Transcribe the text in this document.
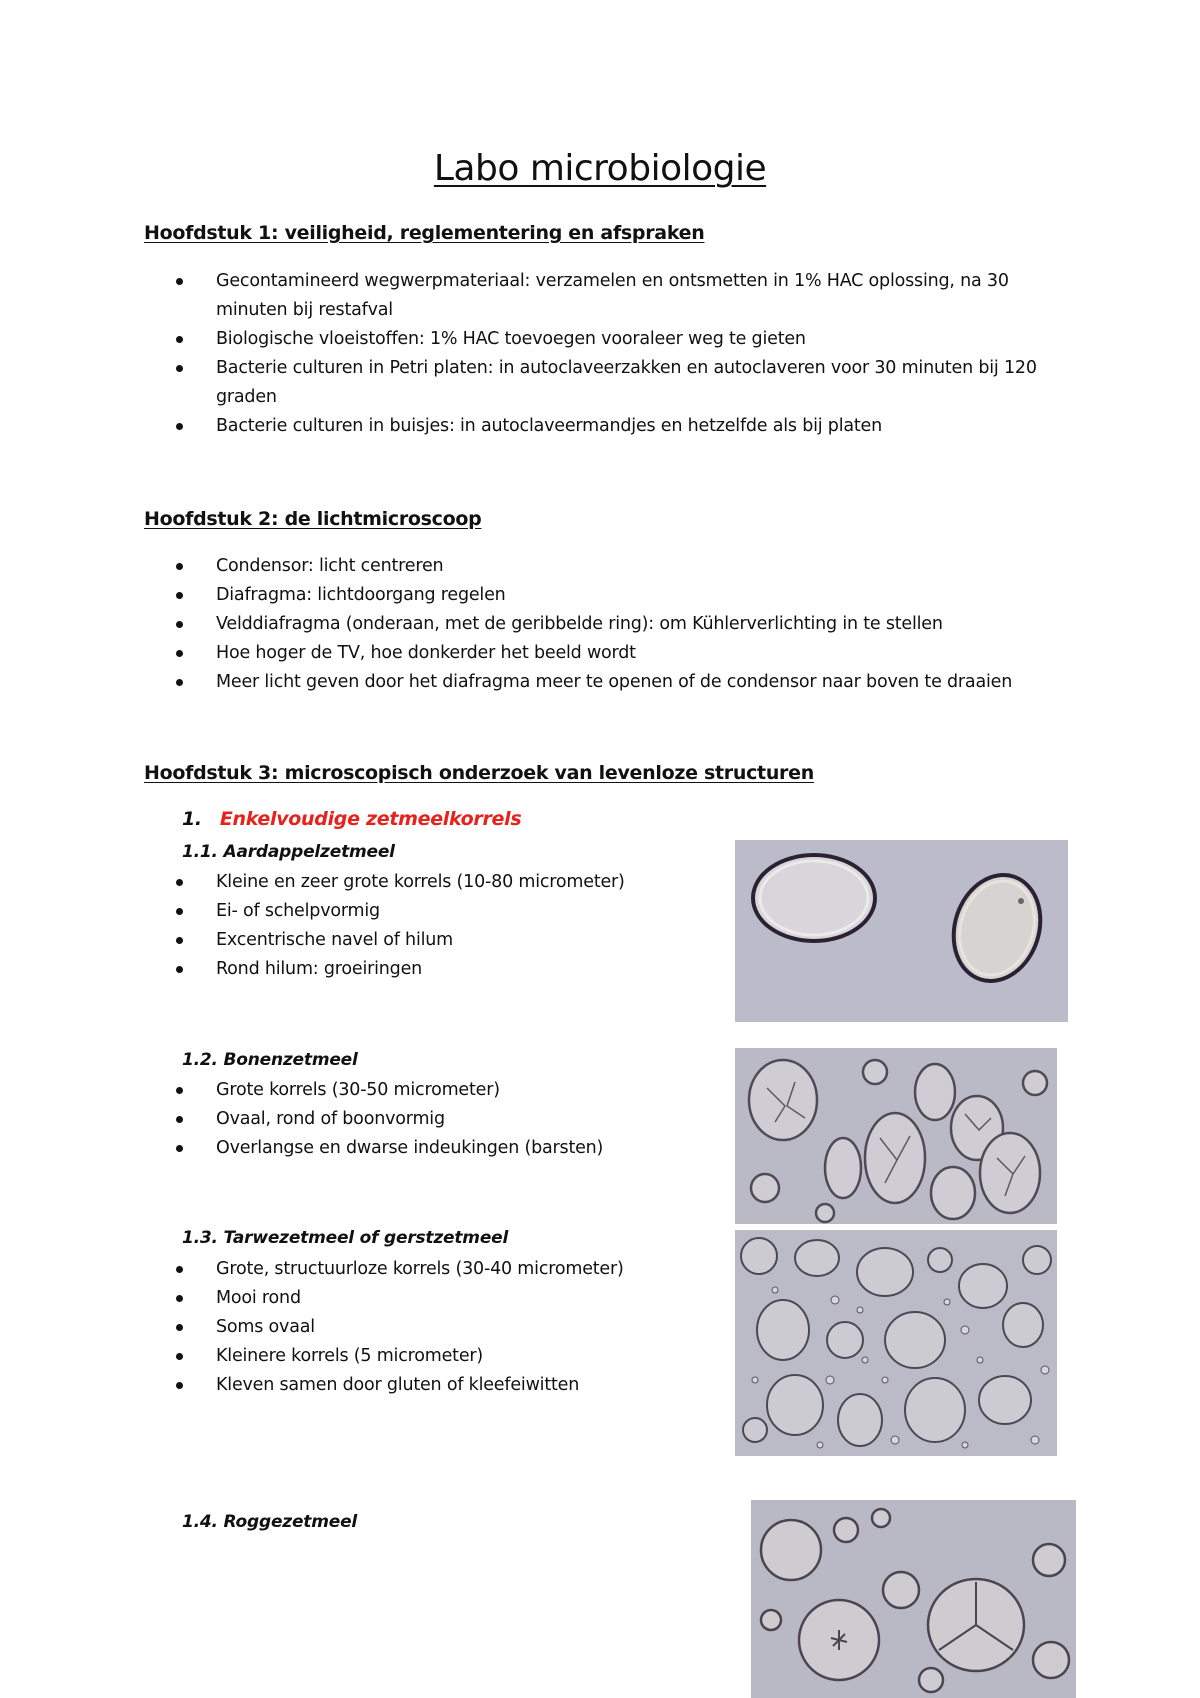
Labo microbiologie
Hoofdstuk 1: veiligheid, reglementering en afspraken
Gecontamineerd wegwerpmateriaal: verzamelen en ontsmetten in 1% HAC oplossing, na 30 minuten bij restafval
Biologische vloeistoffen: 1% HAC toevoegen vooraleer weg te gieten
Bacterie culturen in Petri platen: in autoclaveerzakken en autoclaveren voor 30 minuten bij 120 graden
Bacterie culturen in buisjes: in autoclaveermandjes en hetzelfde als bij platen
Hoofdstuk 2: de lichtmicroscoop
Condensor: licht centreren
Diafragma: lichtdoorgang regelen
Velddiafragma (onderaan, met de geribbelde ring): om Kühlerverlichting in te stellen
Hoe hoger de TV, hoe donkerder het beeld wordt
Meer licht geven door het diafragma meer te openen of de condensor naar boven te draaien
Hoofdstuk 3: microscopisch onderzoek van levenloze structuren
1. Enkelvoudige zetmeelkorrels
1.1. Aardappelzetmeel
Kleine en zeer grote korrels (10-80 micrometer)
Ei- of schelpvormig
Excentrische navel of hilum
Rond hilum: groeiringen
1.2. Bonenzetmeel
Grote korrels (30-50 micrometer)
Ovaal, rond of boonvormig
Overlangse en dwarse indeukingen (barsten)
1.3. Tarwezetmeel of gerstzetmeel
Grote, structuurloze korrels (30-40 micrometer)
Mooi rond
Soms ovaal
Kleinere korrels (5 micrometer)
Kleven samen door gluten of kleefeiwitten
1.4. Roggezetmeel
